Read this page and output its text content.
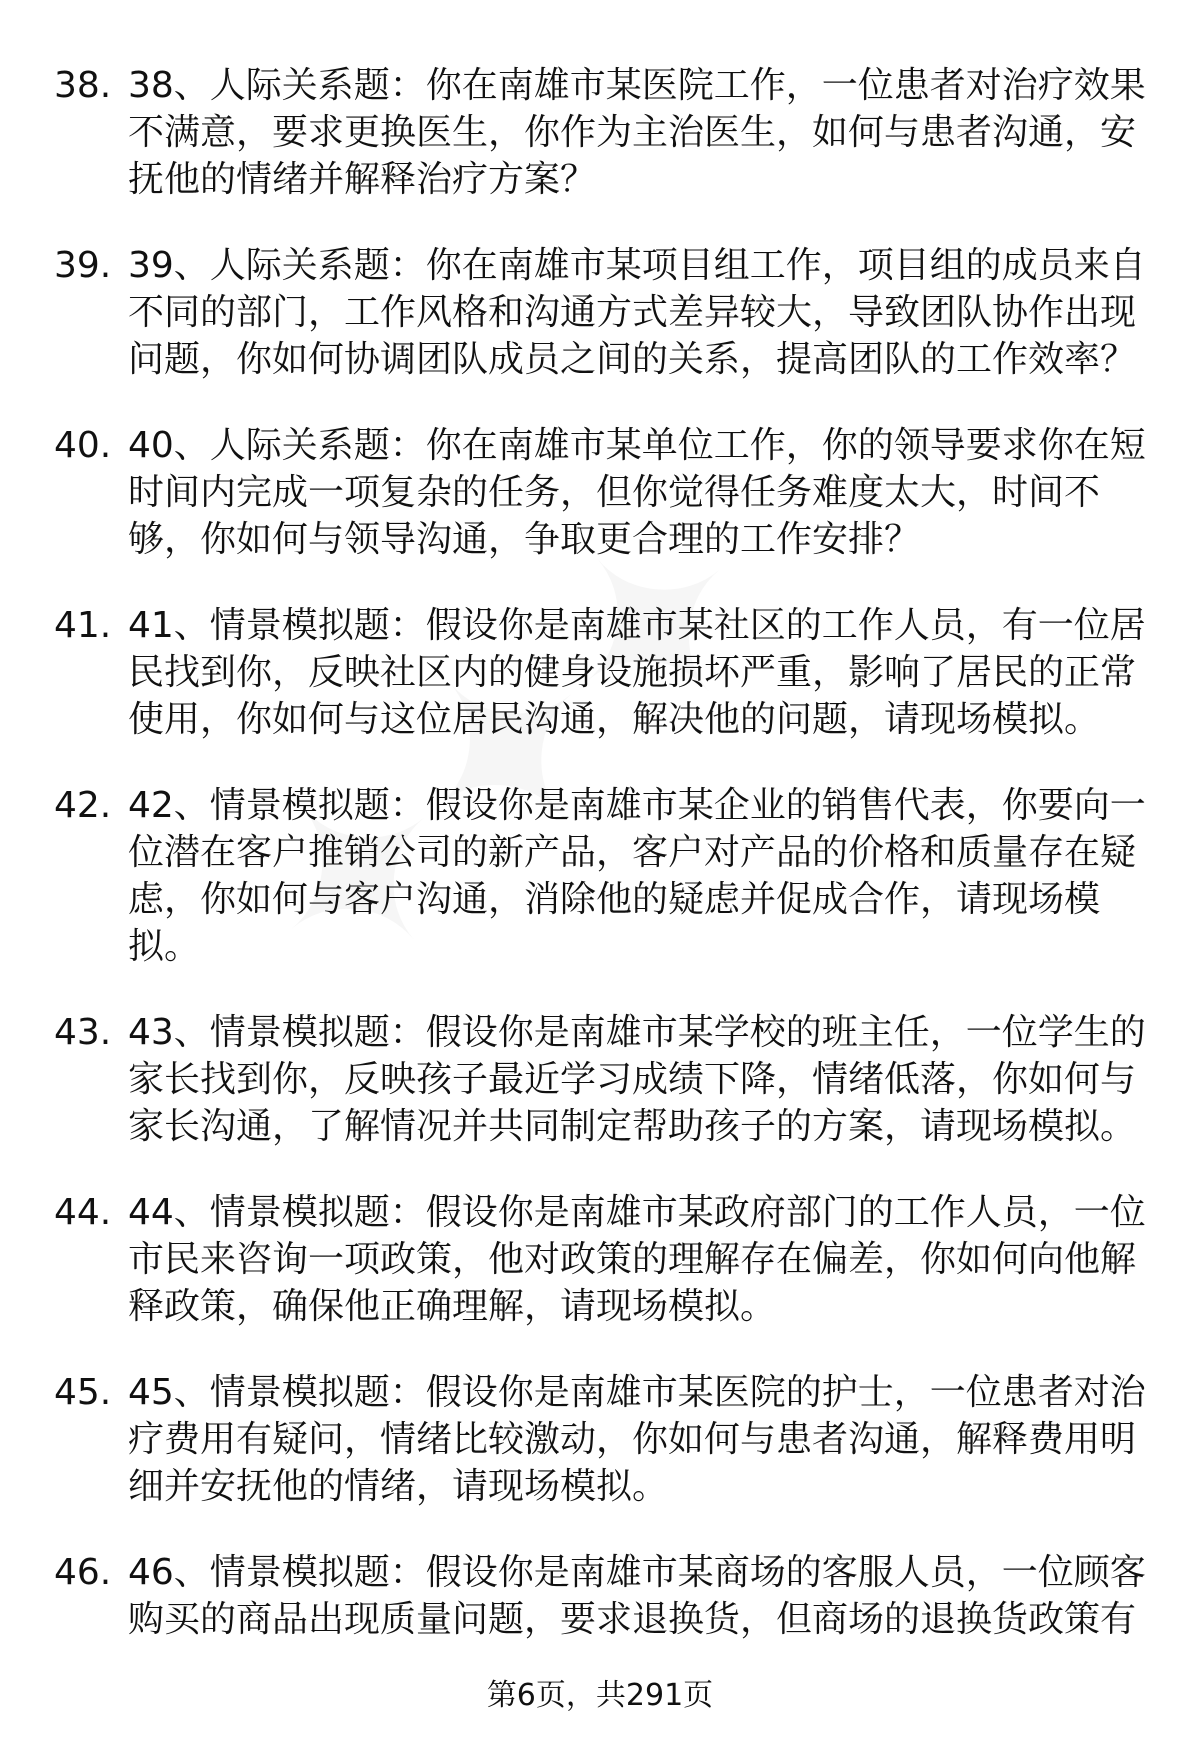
38. 38、人际关系题：你在南雄市某医院工作，一位患者对治疗效果
不满意，要求更换医生，你作为主治医生，如何与患者沟通，安
抚他的情绪并解释治疗方案？
39. 39、人际关系题：你在南雄市某项目组工作，项目组的成员来自
不同的部门，工作风格和沟通方式差异较大，导致团队协作出现
问题，你如何协调团队成员之间的关系，提高团队的工作效率？
40. 40、人际关系题：你在南雄市某单位工作，你的领导要求你在短
时间内完成一项复杂的任务，但你觉得任务难度太大，时间不
够，你如何与领导沟通，争取更合理的工作安排？
41. 41、情景模拟题：假设你是南雄市某社区的工作人员，有一位居
民找到你，反映社区内的健身设施损坏严重，影响了居民的正常
使用，你如何与这位居民沟通，解决他的问题，请现场模拟。
42. 42、情景模拟题：假设你是南雄市某企业的销售代表，你要向一
位潜在客户推销公司的新产品，客户对产品的价格和质量存在疑
虑，你如何与客户沟通，消除他的疑虑并促成合作，请现场模
拟。
43. 43、情景模拟题：假设你是南雄市某学校的班主任，一位学生的
家长找到你，反映孩子最近学习成绩下降，情绪低落，你如何与
家长沟通，了解情况并共同制定帮助孩子的方案，请现场模拟。
44. 44、情景模拟题：假设你是南雄市某政府部门的工作人员，一位
市民来咨询一项政策，他对政策的理解存在偏差，你如何向他解
释政策，确保他正确理解，请现场模拟。
45. 45、情景模拟题：假设你是南雄市某医院的护士，一位患者对治
疗费用有疑问，情绪比较激动，你如何与患者沟通，解释费用明
细并安抚他的情绪，请现场模拟。
46. 46、情景模拟题：假设你是南雄市某商场的客服人员，一位顾客
购买的商品出现质量问题，要求退换货，但商场的退换货政策有
第6页，共291页
